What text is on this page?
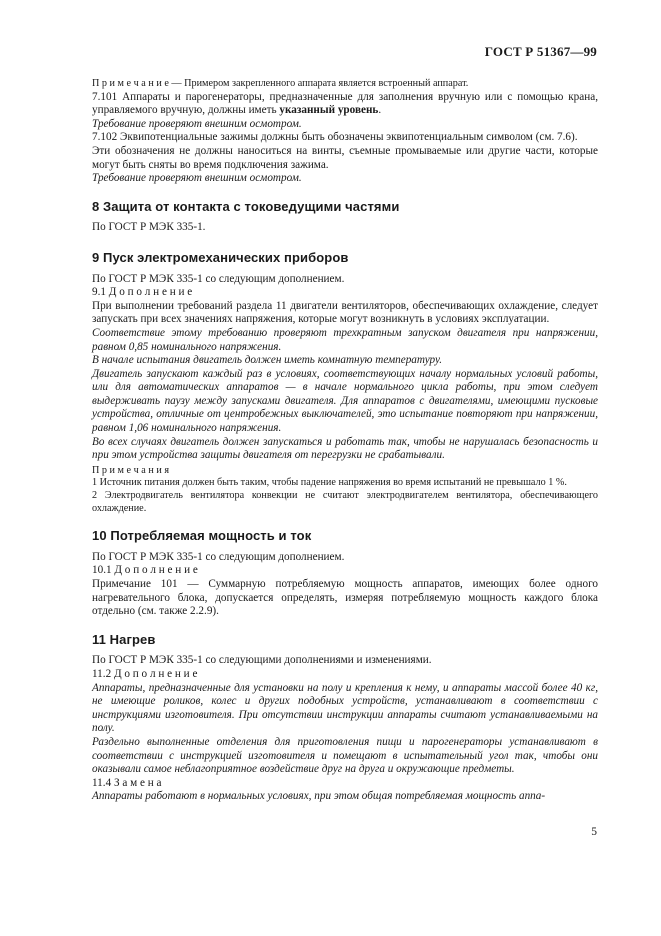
ГОСТ Р 51367—99

П р и м е ч а н и е — Примером закрепленного аппарата является встроенный аппарат.

7.101 Аппараты и парогенераторы, предназначенные для заполнения вручную или с помощью крана, управляемого вручную, должны иметь указанный уровень.

Требование проверяют внешним осмотром.

7.102 Эквипотенциальные зажимы должны быть обозначены эквипотенциальным символом (см. 7.6).

Эти обозначения не должны наноситься на винты, съемные промываемые или другие части, которые могут быть сняты во время подключения зажима.

Требование проверяют внешним осмотром.

8 Защита от контакта с токоведущими частями

По ГОСТ Р МЭК 335-1.

9 Пуск электромеханических приборов

По ГОСТ Р МЭК 335-1 со следующим дополнением.

9.1 Д о п о л н е н и е

При выполнении требований раздела 11 двигатели вентиляторов, обеспечивающих охлаждение, следует запускать при всех значениях напряжения, которые могут возникнуть в условиях эксплуатации.

Соответствие этому требованию проверяют трехкратным запуском двигателя при напряжении, равном 0,85 номинального напряжения.

В начале испытания двигатель должен иметь комнатную температуру.

Двигатель запускают каждый раз в условиях, соответствующих началу нормальных условий работы, или для автоматических аппаратов — в начале нормального цикла работы, при этом следует выдерживать паузу между запусками двигателя. Для аппаратов с двигателями, имеющими пусковые устройства, отличные от центробежных выключателей, это испытание повторяют при напряжении, равном 1,06 номинального напряжения.

Во всех случаях двигатель должен запускаться и работать так, чтобы не нарушалась безопасность и при этом устройства защиты двигателя от перегрузки не срабатывали.

П р и м е ч а н и я

1 Источник питания должен быть таким, чтобы падение напряжения во время испытаний не превышало 1 %.

2 Электродвигатель вентилятора конвекции не считают электродвигателем вентилятора, обеспечивающего охлаждение.

10 Потребляемая мощность и ток

По ГОСТ Р МЭК 335-1 со следующим дополнением.

10.1 Д о п о л н е н и е

Примечание 101 — Суммарную потребляемую мощность аппаратов, имеющих более одного нагревательного блока, допускается определять, измеряя потребляемую мощность каждого блока отдельно (см. также 2.2.9).

11 Нагрев

По ГОСТ Р МЭК 335-1 со следующими дополнениями и изменениями.

11.2 Д о п о л н е н и е

Аппараты, предназначенные для установки на полу и крепления к нему, и аппараты массой более 40 кг, не имеющие роликов, колес и других подобных устройств, устанавливают в соответствии с инструкциями изготовителя. При отсутствии инструкции аппараты считают устанавливаемыми на полу.

Раздельно выполненные отделения для приготовления пищи и парогенераторы устанавливают в соответствии с инструкцией изготовителя и помещают в испытательный угол так, чтобы они оказывали самое неблагоприятное воздействие друг на друга и окружающие предметы.

11.4 З а м е н а

Аппараты работают в нормальных условиях, при этом общая потребляемая мощность аппа-

5
